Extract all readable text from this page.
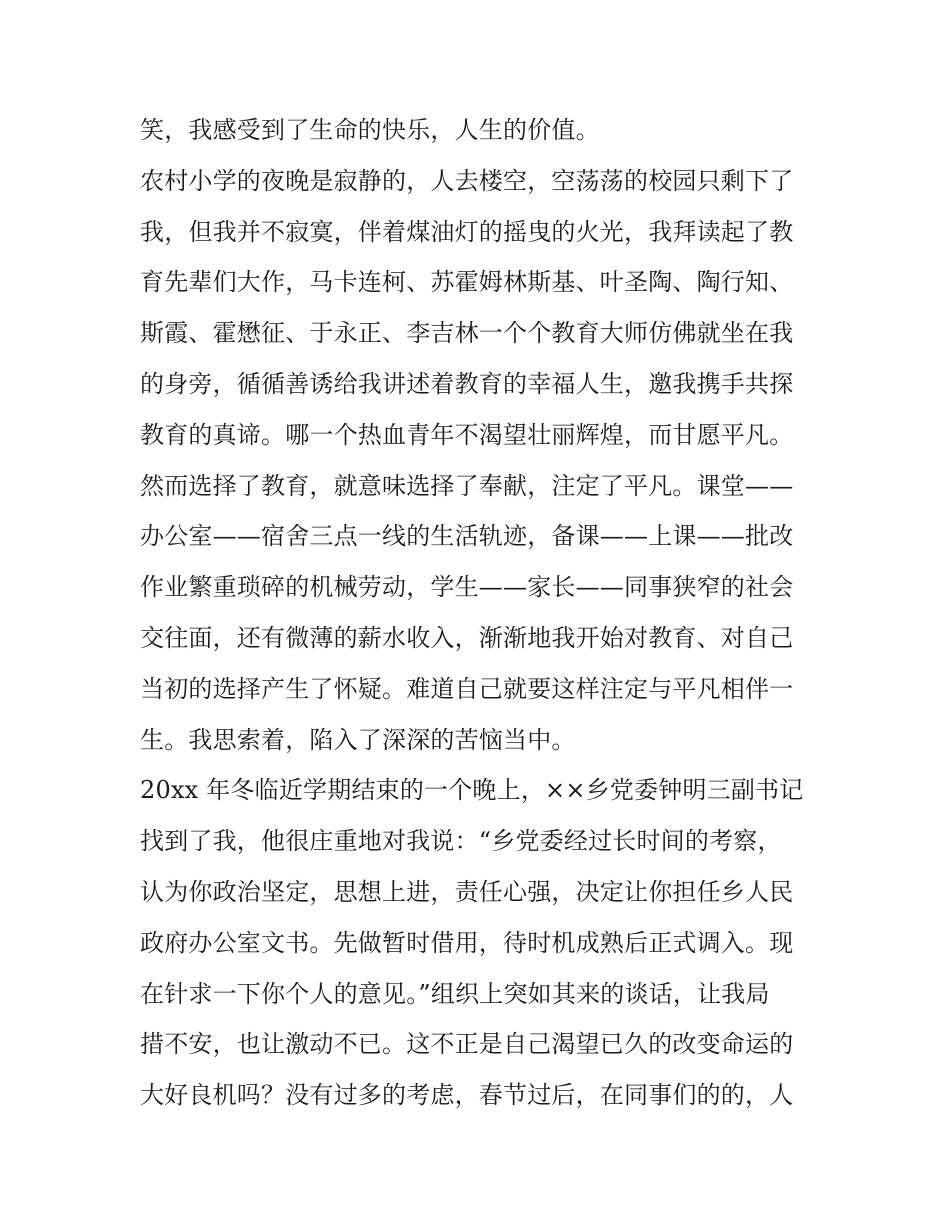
笑，我感受到了生命的快乐，人生的价值。
农村小学的夜晚是寂静的，人去楼空，空荡荡的校园只剩下了
我，但我并不寂寞，伴着煤油灯的摇曳的火光，我拜读起了教
育先辈们大作，马卡连柯、苏霍姆林斯基、叶圣陶、陶行知、
斯霞、霍懋征、于永正、李吉林一个个教育大师仿佛就坐在我
的身旁，循循善诱给我讲述着教育的幸福人生，邀我携手共探
教育的真谛。哪一个热血青年不渴望壮丽辉煌，而甘愿平凡。
然而选择了教育，就意味选择了奉献，注定了平凡。课堂——
办公室——宿舍三点一线的生活轨迹，备课——上课——批改
作业繁重琐碎的机械劳动，学生——家长——同事狭窄的社会
交往面，还有微薄的薪水收入，渐渐地我开始对教育、对自己
当初的选择产生了怀疑。难道自己就要这样注定与平凡相伴一
生。我思索着，陷入了深深的苦恼当中。
20xx 年冬临近学期结束的一个晚上，××乡党委钟明三副书记
找到了我，他很庄重地对我说：“乡党委经过长时间的考察，
认为你政治坚定，思想上进，责任心强，决定让你担任乡人民
政府办公室文书。先做暂时借用，待时机成熟后正式调入。现
在针求一下你个人的意见。”组织上突如其来的谈话，让我局
措不安，也让激动不已。这不正是自己渴望已久的改变命运的
大好良机吗？没有过多的考虑，春节过后，在同事们的的，人
